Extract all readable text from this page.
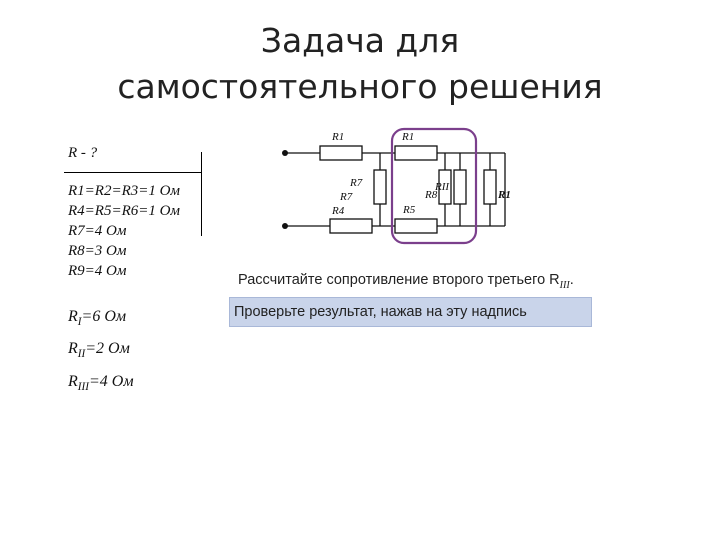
Задача для
самостоятельного решения
R - ?
R1=R2=R3=1 Ом
R4=R5=R6=1 Ом
R7=4 Ом
R8=3 Ом
R9=4 Ом
$R_I=6$ Ом
$R_{II}=2$ Ом
$R_{III}=4$ Ом
R1	R1
R7
R7
R4	R5
R8
RII
R1
Рассчитайте сопротивление второго третьего $R_{III}$.
Проверьте результат, нажав на эту надпись
